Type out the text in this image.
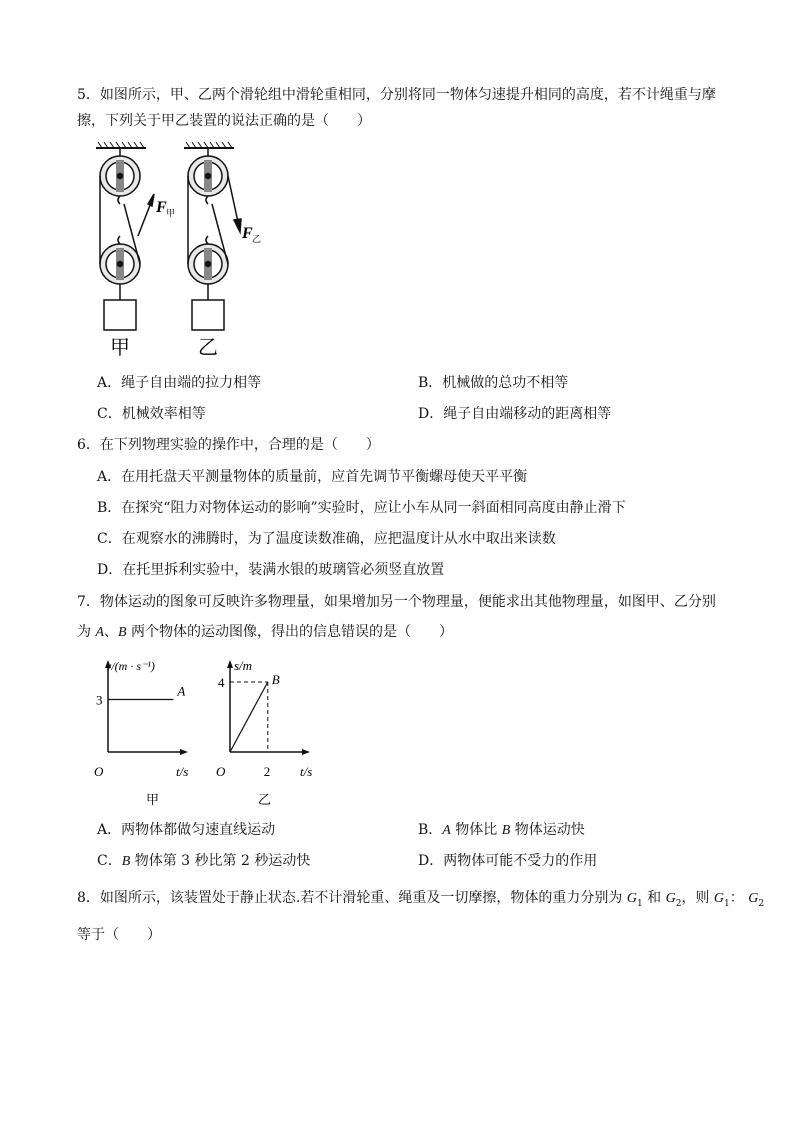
5．如图所示，甲、乙两个滑轮组中滑轮重相同，分别将同一物体匀速提升相同的高度，若不计绳重与摩
擦，下列关于甲乙装置的说法正确的是（　　）
F 甲
F 乙
甲	乙
A．绳子自由端的拉力相等	B．机械做的总功不相等
C．机械效率相等	D．绳子自由端移动的距离相等
6．在下列物理实验的操作中，合理的是（　　）
A．在用托盘天平测量物体的质量前，应首先调节平衡螺母使天平平衡
B．在探究“阻力对物体运动的影响”实验时，应让小车从同一斜面相同高度由静止滑下
C．在观察水的沸腾时，为了温度读数准确，应把温度计从水中取出来读数
D．在托里拆利实验中，装满水银的玻璃管必须竖直放置
7．物体运动的图象可反映许多物理量，如果增加另一个物理量，便能求出其他物理量，如图甲、乙分别
为 A、B 两个物体的运动图像，得出的信息错误的是（　　）
v/(m · s⁻¹)
t/s
O
3
A
甲
s/m
t/s
O
4
2
B
乙
A．两物体都做匀速直线运动	B．A 物体比 B 物体运动快
C．B 物体第 3 秒比第 2 秒运动快	D．两物体可能不受力的作用
8．如图所示，该装置处于静止状态.若不计滑轮重、绳重及一切摩擦，物体的重力分别为 $G_1$ 和 $G_2$，则 $G_1$： $G_2$
等于（　　）
